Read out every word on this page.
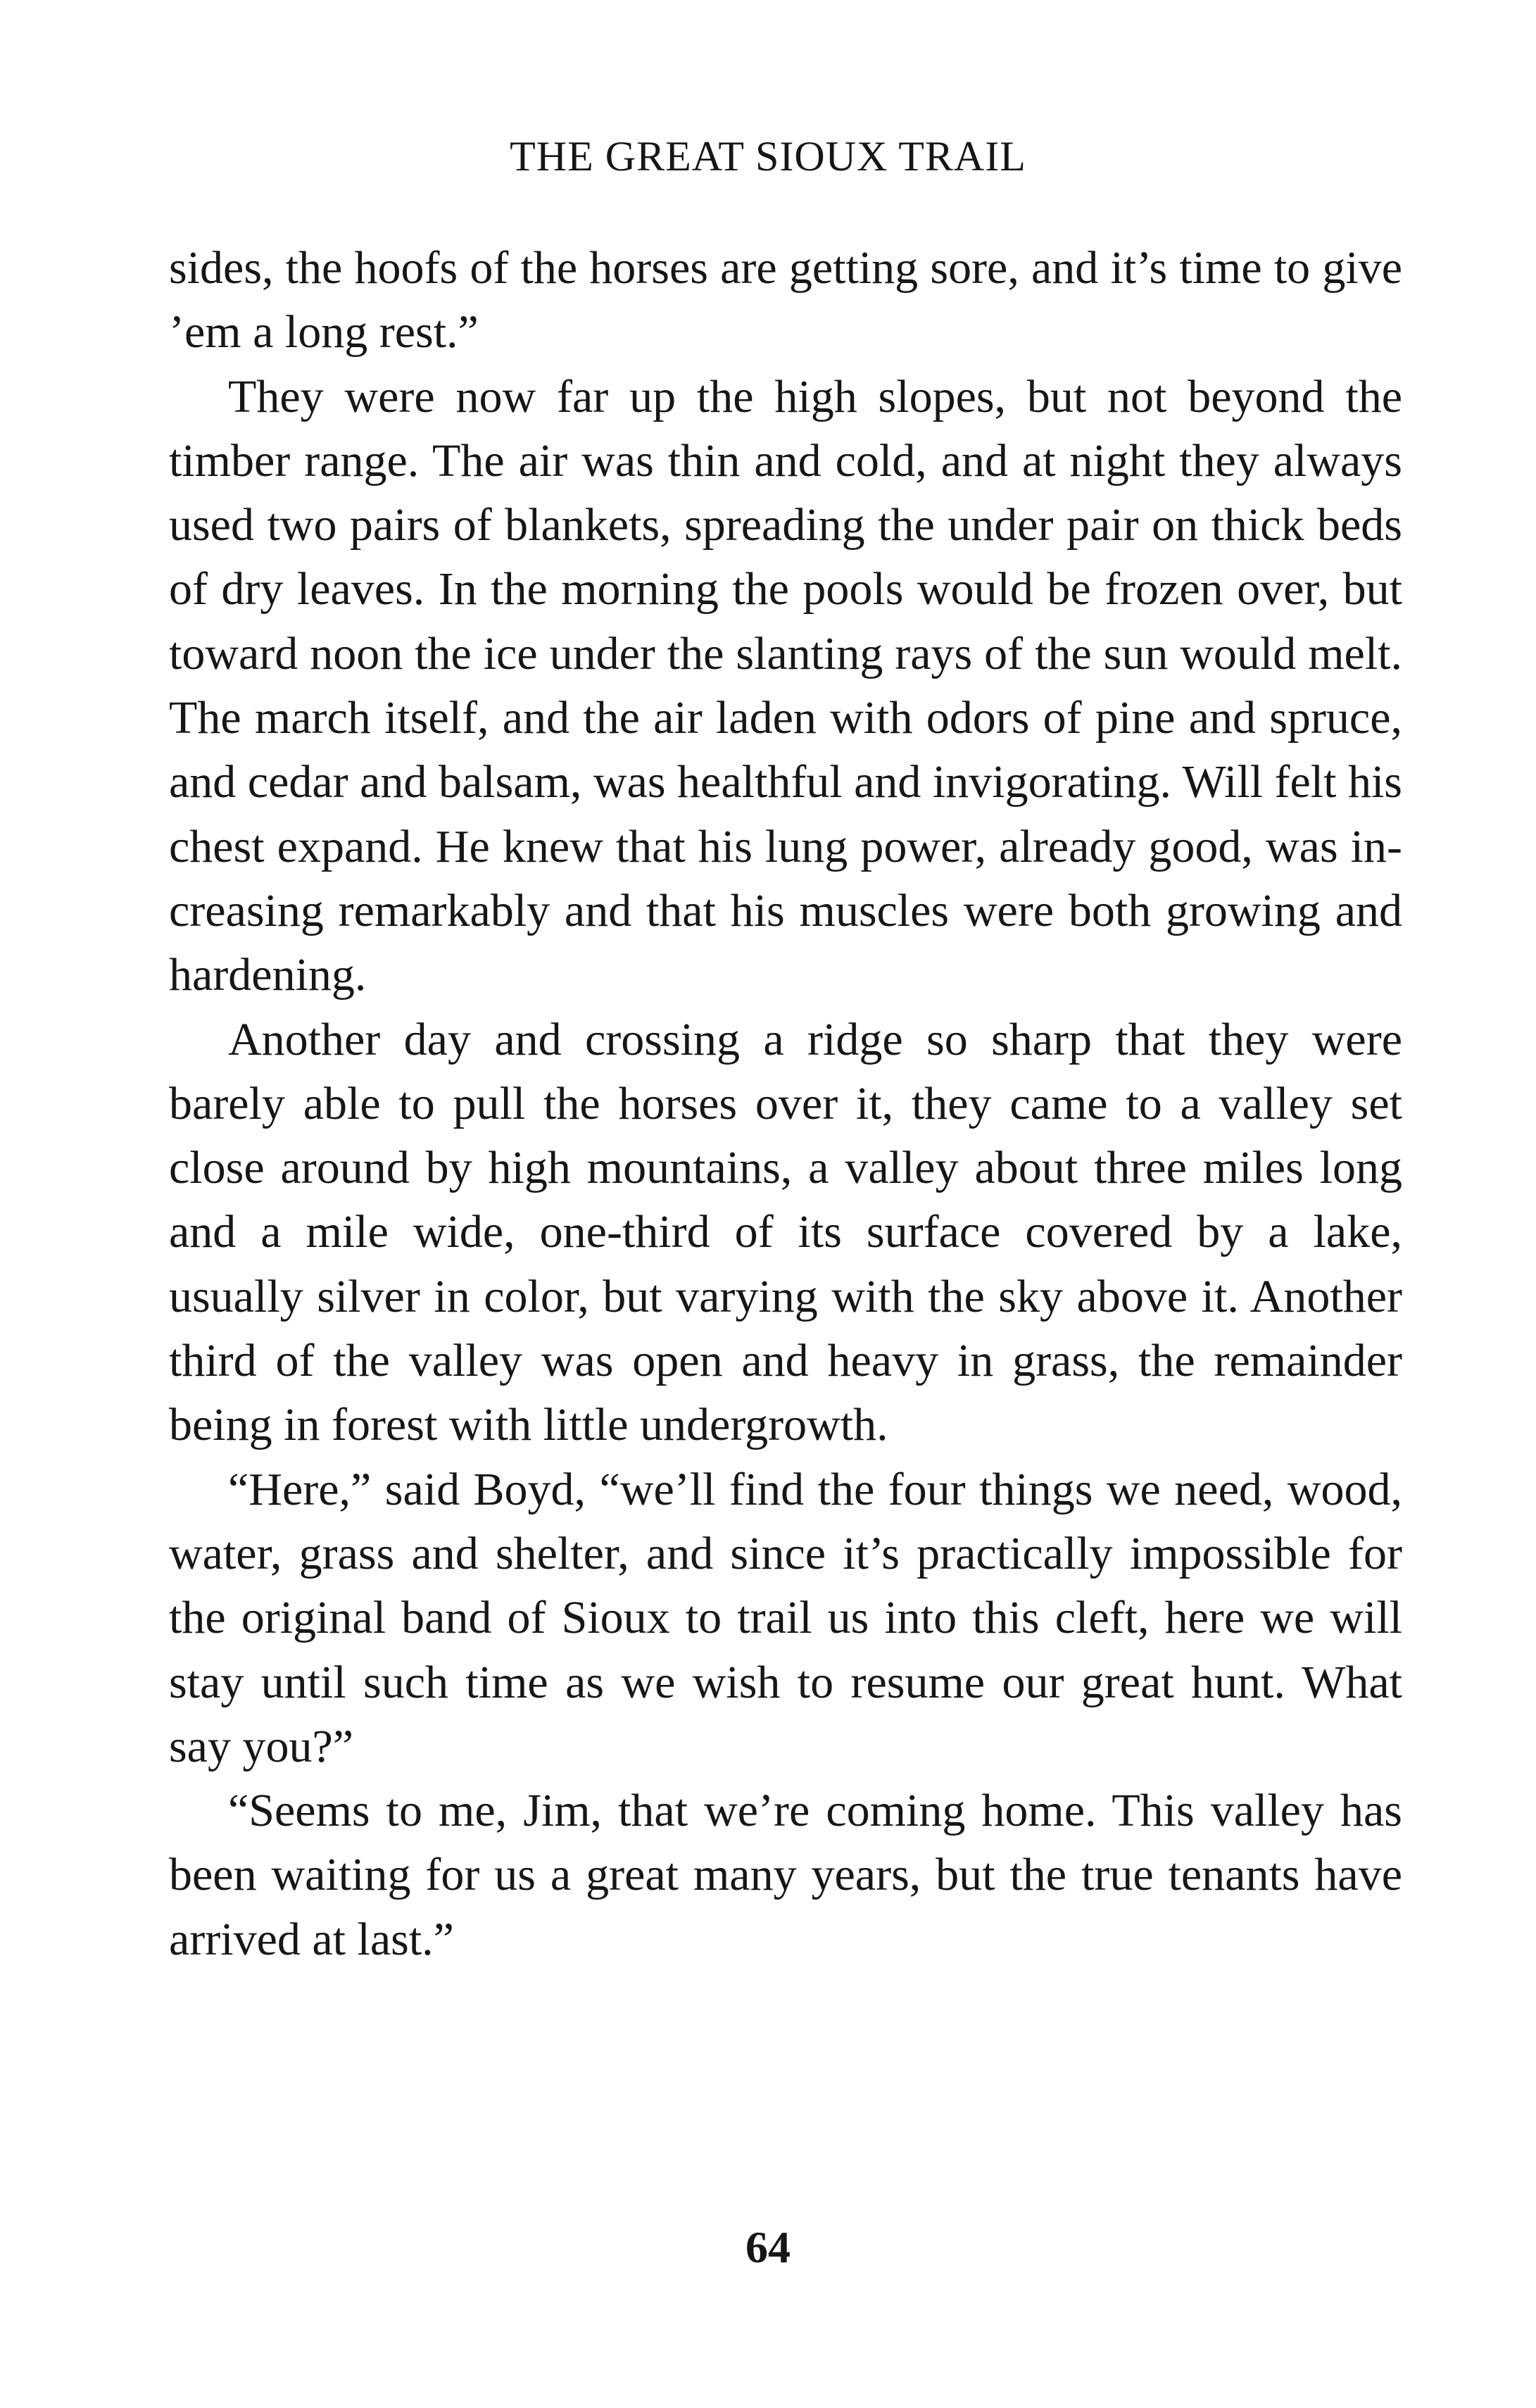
THE GREAT SIOUX TRAIL

sides, the hoofs of the horses are getting sore, and it’s time to give ’em a long rest.”

They were now far up the high slopes, but not beyond the timber range. The air was thin and cold, and at night they always used two pairs of blankets, spreading the under pair on thick beds of dry leaves. In the morning the pools would be frozen over, but toward noon the ice under the slanting rays of the sun would melt. The march itself, and the air laden with odors of pine and spruce, and cedar and balsam, was healthful and invigorating. Will felt his chest expand. He knew that his lung power, already good, was increasing remarkably and that his muscles were both growing and hardening.

Another day and crossing a ridge so sharp that they were barely able to pull the horses over it, they came to a valley set close around by high mountains, a valley about three miles long and a mile wide, one-third of its surface covered by a lake, usually silver in color, but varying with the sky above it. Another third of the valley was open and heavy in grass, the remainder being in forest with little undergrowth.

“Here,” said Boyd, “we’ll find the four things we need, wood, water, grass and shelter, and since it’s practically impossible for the original band of Sioux to trail us into this cleft, here we will stay until such time as we wish to resume our great hunt. What say you?”

“Seems to me, Jim, that we’re coming home. This valley has been waiting for us a great many years, but the true tenants have arrived at last.”

64
